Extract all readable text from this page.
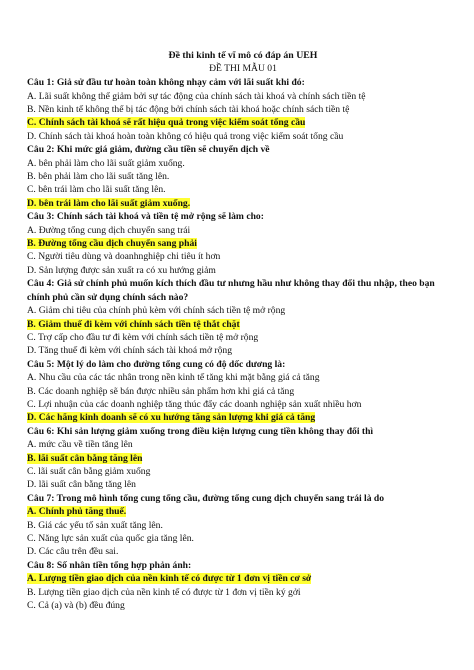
Đề thi kinh tế vĩ mô có đáp án UEH
ĐỀ THI MẪU 01
Câu 1: Giả sử đầu tư hoàn toàn không nhạy cảm với lãi suất khi đó:
A. Lãi suất không thể giảm bởi sự tác động của chính sách tài khoá và chính sách tiền tệ
B. Nền kinh tế không thể bị tác động bởi chính sách tài khoá hoặc chính sách tiền tệ
C. Chính sách tài khoá sẽ rất hiệu quả trong việc kiểm soát tổng cầu
D. Chính sách tài khoá hoàn toàn không có hiệu quả trong việc kiểm soát tổng cầu
Câu 2: Khi mức giá giảm, đường cầu tiền sẽ chuyển dịch về
A. bên phải làm cho lãi suất giảm xuống.
B. bên phải làm cho lãi suất tăng lên.
C. bên trái làm cho lãi suất tăng lên.
D. bên trái làm cho lãi suất giảm xuống.
Câu 3: Chính sách tài khoá và tiền tệ mở rộng sẽ làm cho:
A. Đường tổng cung dịch chuyển sang trái
B. Đường tổng cầu dịch chuyển sang phải
C. Người tiêu dùng và doanhnghiệp chi tiêu ít hơn
D. Sản lượng được sản xuất ra có xu hướng giảm
Câu 4: Giả sử chính phủ muốn kích thích đầu tư nhưng hầu như không thay đổi thu nhập, theo bạn chính phủ cần sử dụng chính sách nào?
A. Giảm chi tiêu của chính phủ kèm với chính sách tiền tệ mở rộng
B. Giảm thuế đi kèm với chính sách tiền tệ thắt chặt
C. Trợ cấp cho đầu tư đi kèm với chính sách tiền tệ mở rộng
D. Tăng thuế đi kèm với chính sách tài khoá mở rộng
Câu 5: Một lý do làm cho đường tổng cung có độ dốc dương là:
A. Nhu cầu của các tác nhân trong nền kinh tế tăng khi mặt bằng giá cả tăng
B. Các doanh nghiệp sẽ bán được nhiều sản phẩm hơn khi giá cả tăng
C. Lợi nhuận của các doanh nghiệp tăng thúc đẩy các doanh nghiệp sản xuất nhiều hơn
D. Các hãng kinh doanh sẽ có xu hướng tăng sản lượng khi giá cả tăng
Câu 6: Khi sản lượng giảm xuống trong điều kiện lượng cung tiền không thay đổi thì
A. mức cầu về tiền tăng lên
B. lãi suất cân bằng tăng lên
C. lãi suất cân bằng giảm xuống
D. lãi suất cân bằng tăng lên
Câu 7: Trong mô hình tổng cung tổng cầu, đường tổng cung dịch chuyển sang trái là do
A. Chính phủ tăng thuế.
B. Giá các yếu tố sản xuất tăng lên.
C. Năng lực sản xuất của quốc gia tăng lên.
D. Các câu trên đều sai.
Câu 8: Số nhân tiền tổng hợp phản ánh:
A. Lượng tiền giao dịch của nền kinh tế có được từ 1 đơn vị tiền cơ sở
B. Lượng tiền giao dịch của nền kinh tế có được từ 1 đơn vị tiền ký gởi
C. Cả (a) và (b) đều đúng
